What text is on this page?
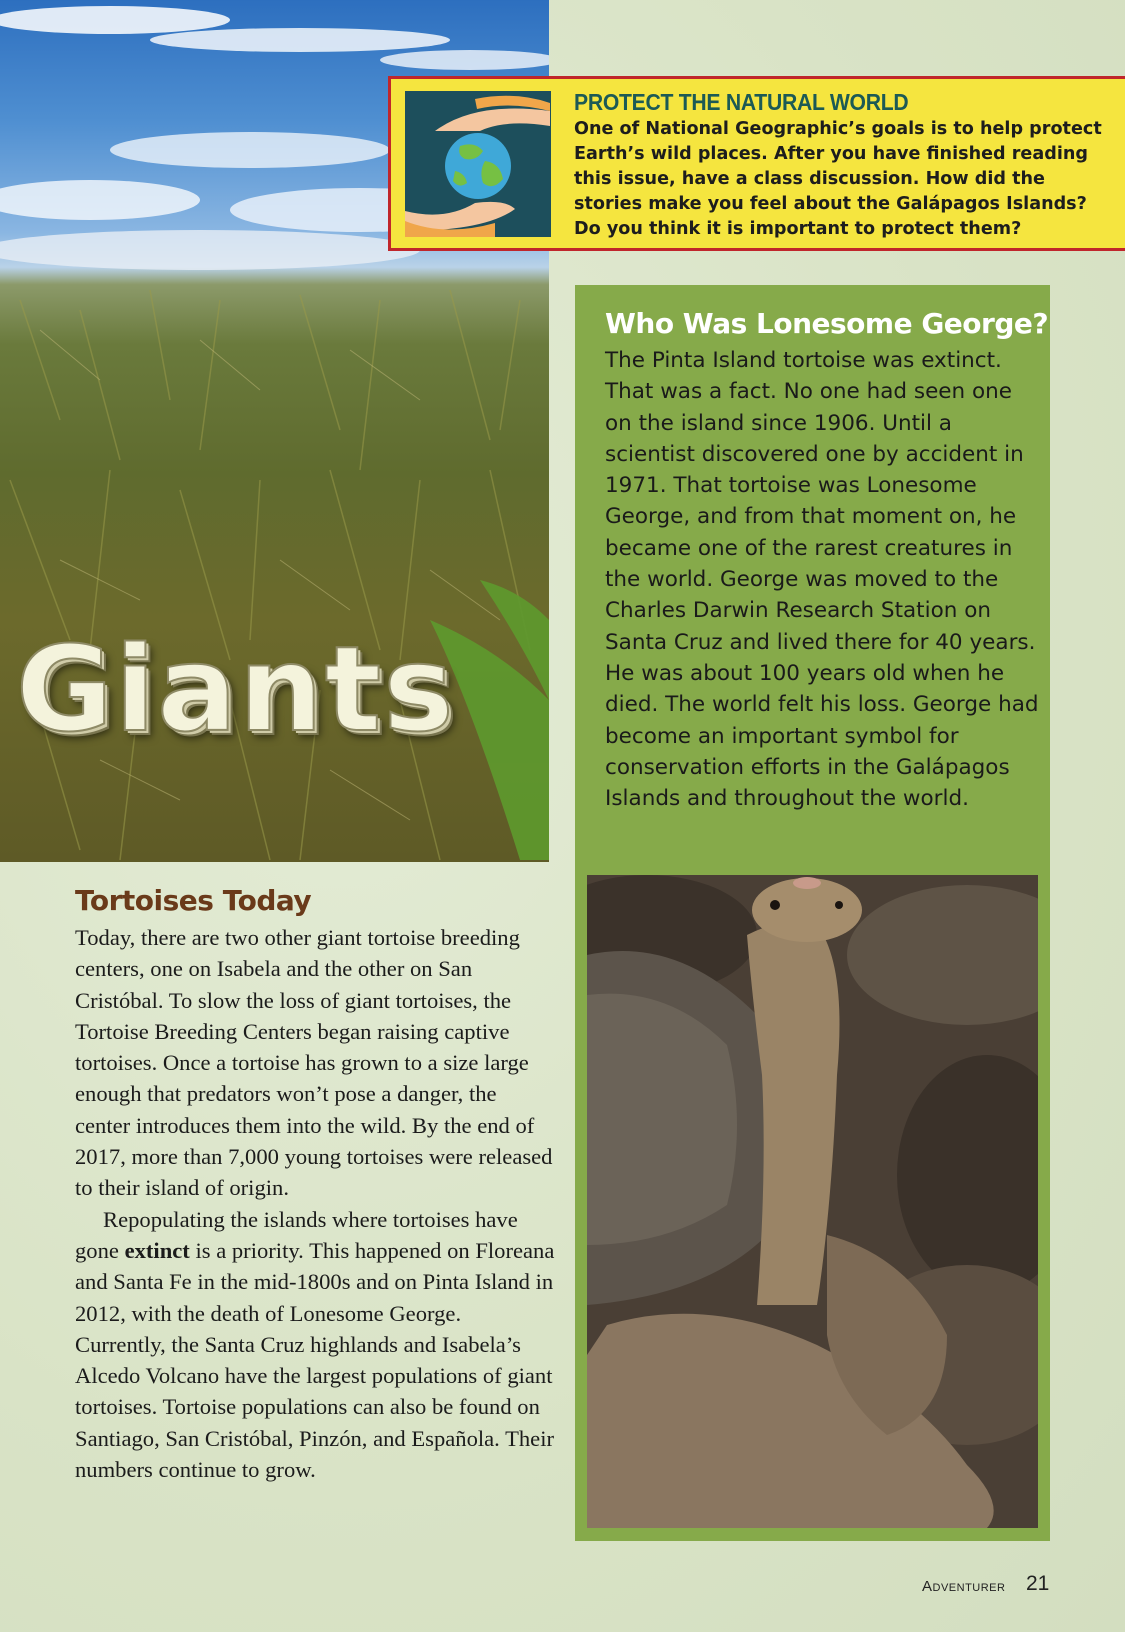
Giants
PROTECT THE NATURAL WORLD
One of National Geographic’s goals is to help protect Earth’s wild places. After you have finished reading this issue, have a class discussion. How did the stories make you feel about the Galápagos Islands? Do you think it is important to protect them?
Who Was Lonesome George?
The Pinta Island tortoise was extinct. That was a fact. No one had seen one on the island since 1906. Until a scientist discovered one by accident in 1971. That tortoise was Lonesome George, and from that moment on, he became one of the rarest creatures in the world. George was moved to the Charles Darwin Research Station on Santa Cruz and lived there for 40 years. He was about 100 years old when he died. The world felt his loss. George had become an important symbol for conservation efforts in the Galápagos Islands and throughout the world.
Tortoises Today

Today, there are two other giant tortoise breeding centers, one on Isabela and the other on San Cristóbal. To slow the loss of giant tortoises, the Tortoise Breeding Centers began raising captive tortoises. Once a tortoise has grown to a size large enough that predators won’t pose a danger, the center introduces them into the wild. By the end of 2017, more than 7,000 young tortoises were released to their island of origin.

Repopulating the islands where tortoises have gone extinct is a priority. This happened on Floreana and Santa Fe in the mid-1800s and on Pinta Island in 2012, with the death of Lonesome George. Currently, the Santa Cruz highlands and Isabela’s Alcedo Volcano have the largest populations of giant tortoises. Tortoise populations can also be found on Santiago, San Cristóbal, Pinzón, and Española. Their numbers continue to grow.

Adventurer 21
